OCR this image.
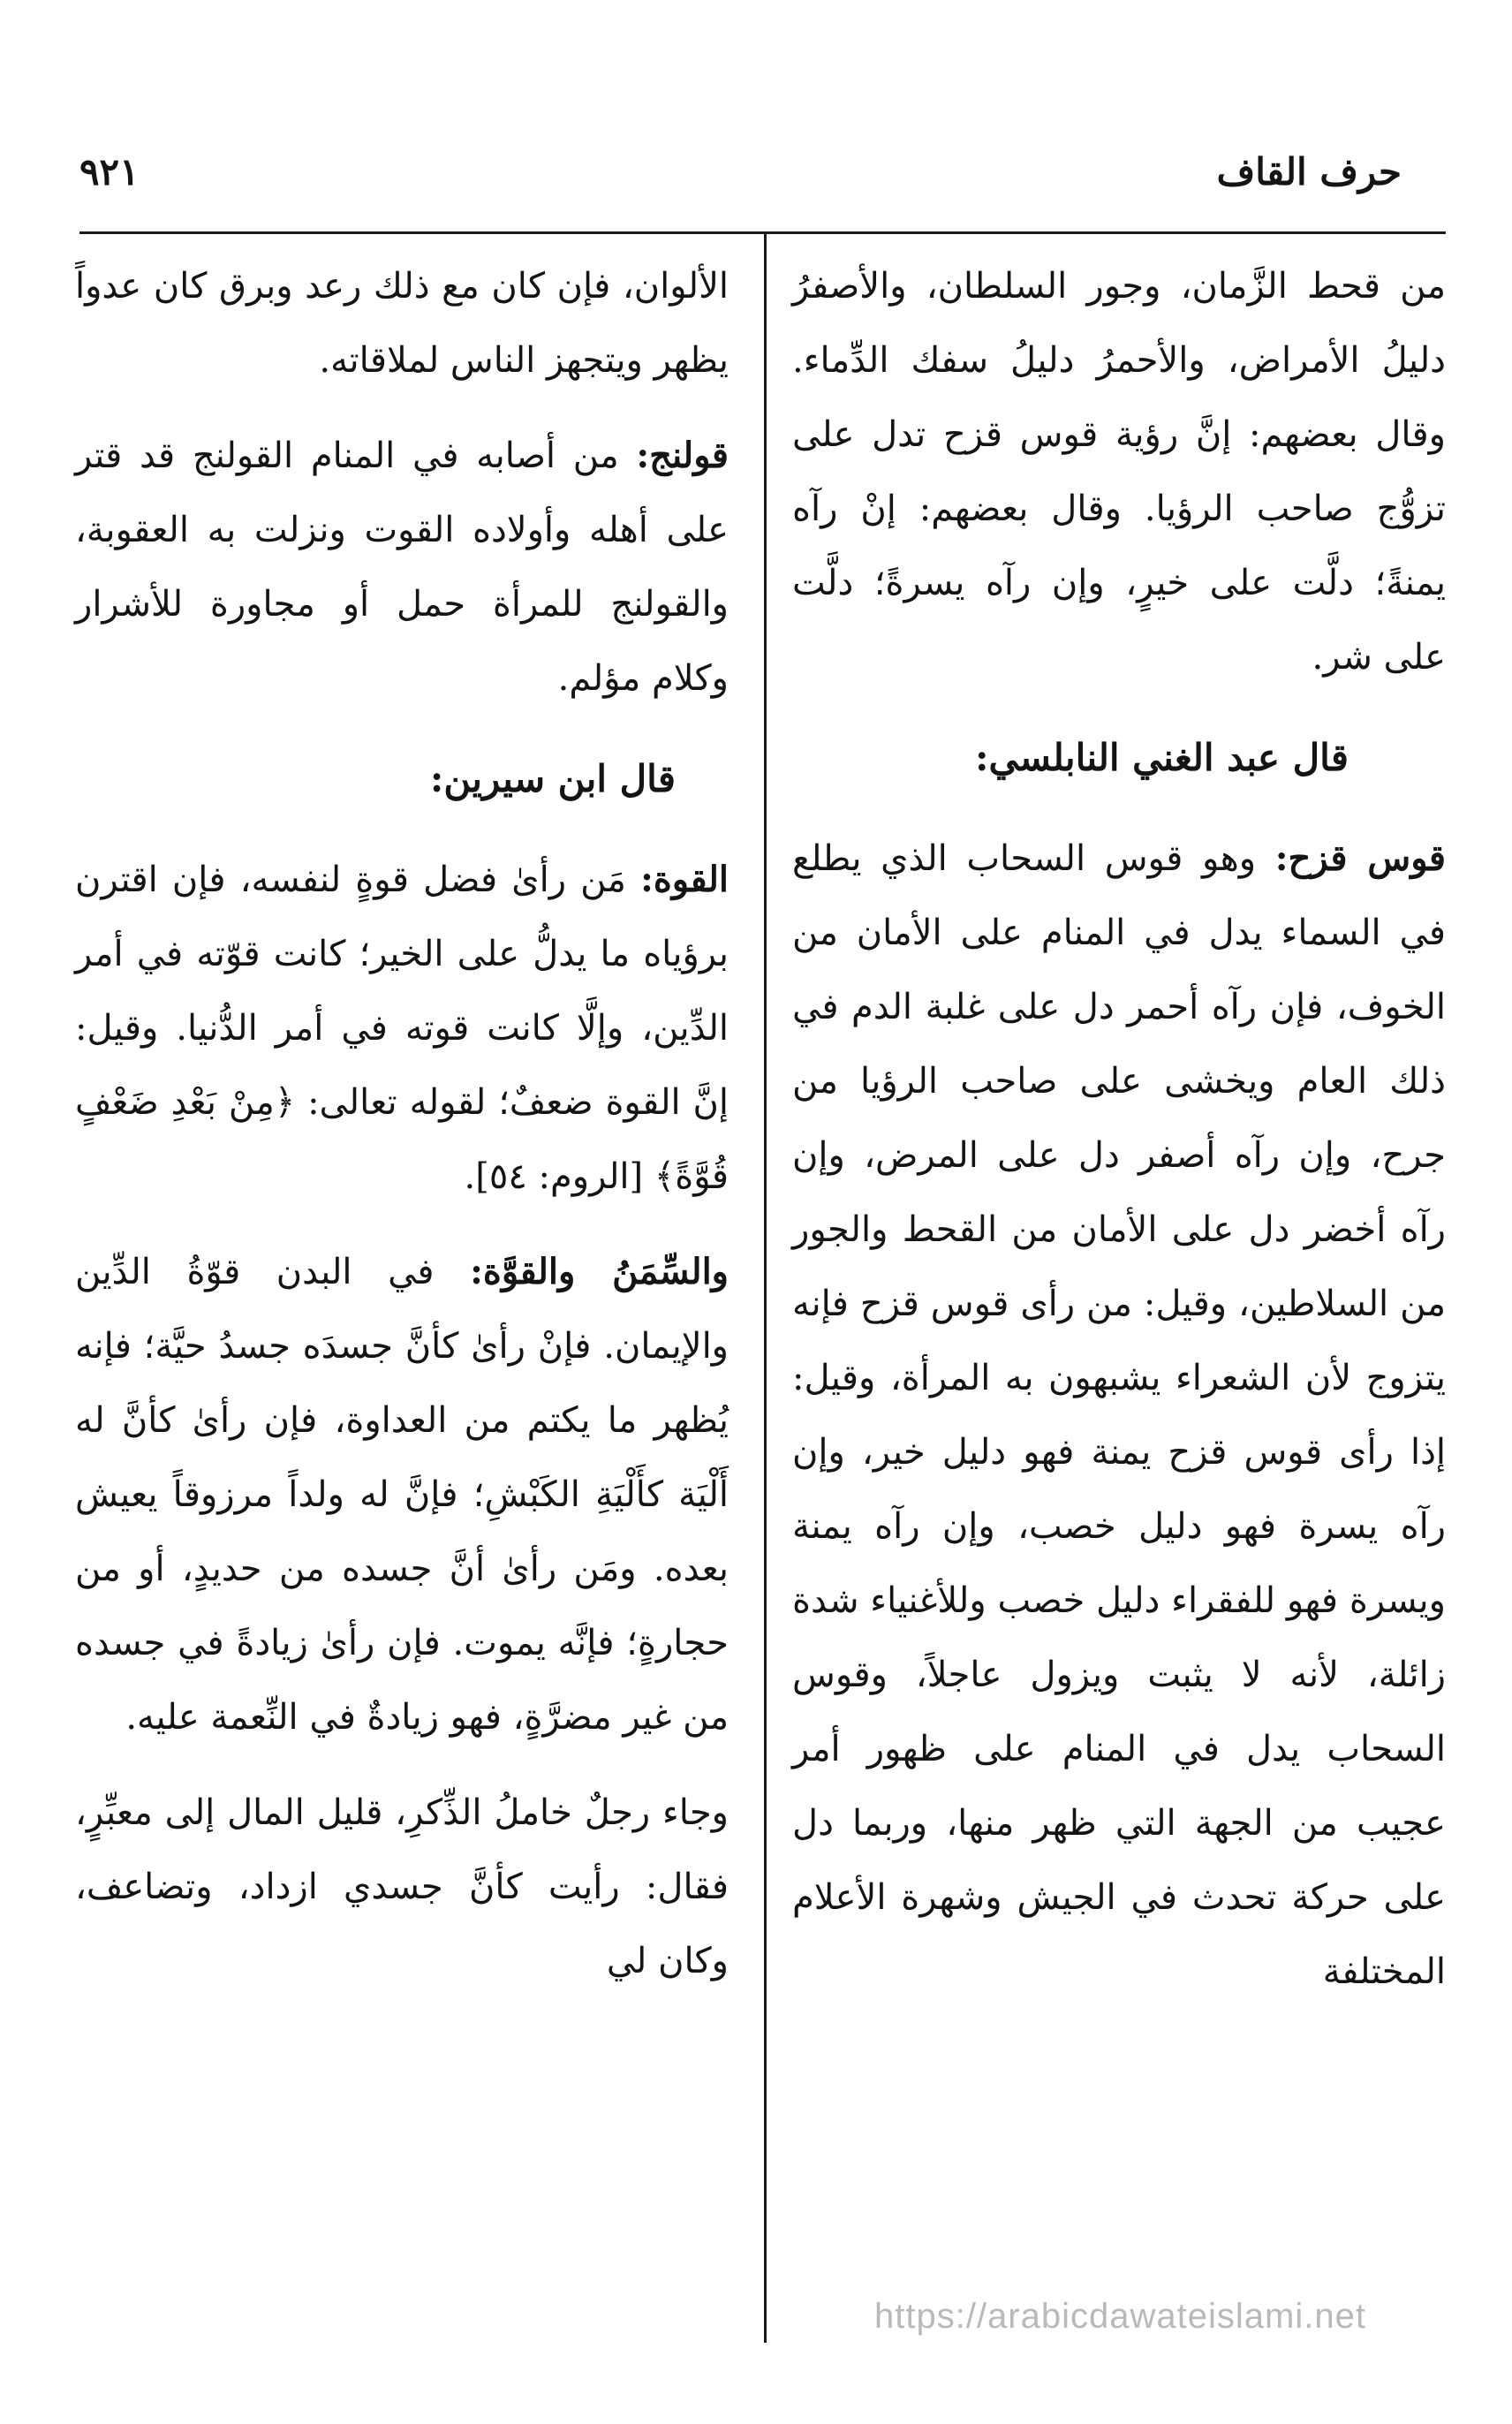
حرف القاف
٩٢١

من قحط الزَّمان، وجور السلطان، والأصفرُ دليلُ الأمراض، والأحمرُ دليلُ سفك الدِّماء. وقال بعضهم: إنَّ رؤية قوس قزح تدل على تزوُّج صاحب الرؤيا. وقال بعضهم: إنْ رآه يمنةً؛ دلَّت على خيرٍ، وإن رآه يسرةً؛ دلَّت على شر.

قال عبد الغني النابلسي:

قوس قزح: وهو قوس السحاب الذي يطلع في السماء يدل في المنام على الأمان من الخوف، فإن رآه أحمر دل على غلبة الدم في ذلك العام ويخشى على صاحب الرؤيا من جرح، وإن رآه أصفر دل على المرض، وإن رآه أخضر دل على الأمان من القحط والجور من السلاطين، وقيل: من رأى قوس قزح فإنه يتزوج لأن الشعراء يشبهون به المرأة، وقيل: إذا رأى قوس قزح يمنة فهو دليل خير، وإن رآه يسرة فهو دليل خصب، وإن رآه يمنة ويسرة فهو للفقراء دليل خصب وللأغنياء شدة زائلة، لأنه لا يثبت ويزول عاجلاً، وقوس السحاب يدل في المنام على ظهور أمر عجيب من الجهة التي ظهر منها، وربما دل على حركة تحدث في الجيش وشهرة الأعلام المختلفة

الألوان، فإن كان مع ذلك رعد وبرق كان عدواً يظهر ويتجهز الناس لملاقاته.

قولنج: من أصابه في المنام القولنج قد قتر على أهله وأولاده القوت ونزلت به العقوبة، والقولنج للمرأة حمل أو مجاورة للأشرار وكلام مؤلم.

قال ابن سيرين:

القوة: مَن رأىٰ فضل قوةٍ لنفسه، فإن اقترن برؤياه ما يدلُّ على الخير؛ كانت قوّته في أمر الدِّين، وإلَّا كانت قوته في أمر الدُّنيا. وقيل: إنَّ القوة ضعفٌ؛ لقوله تعالى: ﴿مِنْ بَعْدِ ضَعْفٍ قُوَّةً﴾ [الروم: ٥٤].

والسِّمَنُ والقوَّة: في البدن قوّةُ الدِّين والإيمان. فإنْ رأىٰ كأنَّ جسدَه جسدُ حيَّة؛ فإنه يُظهر ما يكتم من العداوة، فإن رأىٰ كأنَّ له أَلْيَة كأَلْيَةِ الكَبْشِ؛ فإنَّ له ولداً مرزوقاً يعيش بعده. ومَن رأىٰ أنَّ جسده من حديدٍ، أو من حجارةٍ؛ فإنَّه يموت. فإن رأىٰ زيادةً في جسده من غير مضرَّةٍ، فهو زيادةٌ في النِّعمة عليه.

وجاء رجلٌ خاملُ الذِّكرِ، قليل المال إلى معبِّرٍ، فقال: رأيت كأنَّ جسدي ازداد، وتضاعف، وكان لي

https://arabicdawateislami.net
